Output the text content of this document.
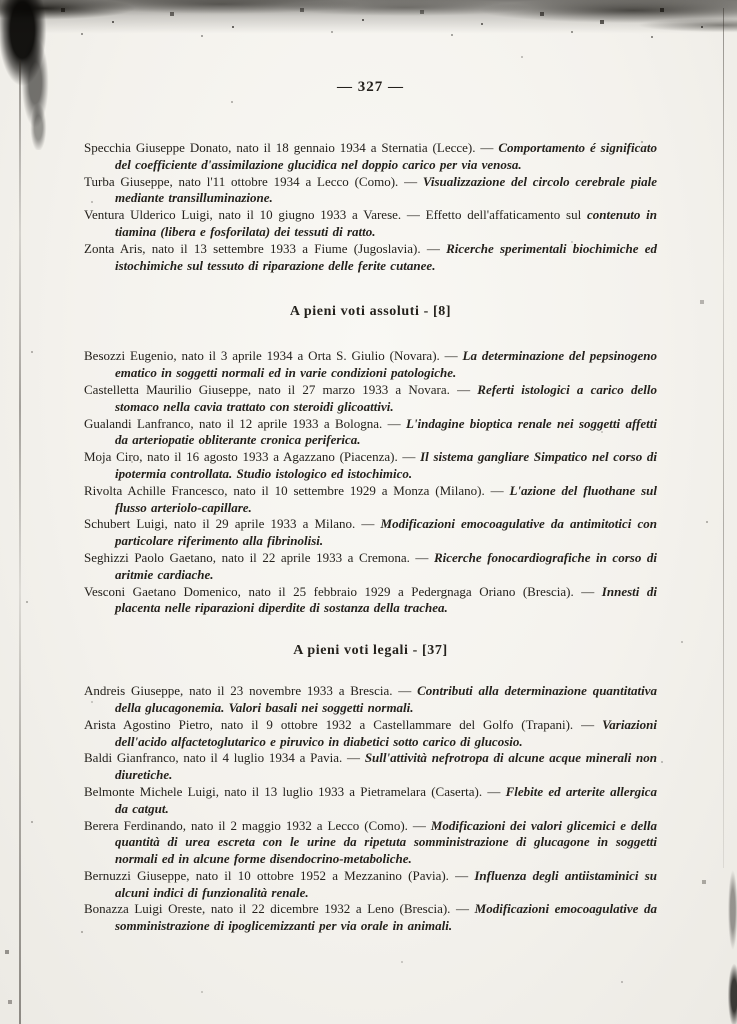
— 327 —

Specchia Giuseppe Donato, nato il 18 gennaio 1934 a Sternatia (Lecce). — Comportamento é significato del coefficiente d'assimilazione glucidica nel doppio carico per via venosa.

Turba Giuseppe, nato l'11 ottobre 1934 a Lecco (Como). — Visualizzazione del circolo cerebrale piale mediante transilluminazione.

Ventura Ulderico Luigi, nato il 10 giugno 1933 a Varese. — Effetto dell'affaticamento sul contenuto in tiamina (libera e fosforilata) dei tessuti di ratto.

Zonta Aris, nato il 13 settembre 1933 a Fiume (Jugoslavia). — Ricerche sperimentali biochimiche ed istochimiche sul tessuto di riparazione delle ferite cutanee.

A pieni voti assoluti - [8]

Besozzi Eugenio, nato il 3 aprile 1934 a Orta S. Giulio (Novara). — La determinazione del pepsinogeno ematico in soggetti normali ed in varie condizioni patologiche.

Castelletta Maurilio Giuseppe, nato il 27 marzo 1933 a Novara. — Referti istologici a carico dello stomaco nella cavia trattato con steroidi glicoattivi.

Gualandi Lanfranco, nato il 12 aprile 1933 a Bologna. — L'indagine bioptica renale nei soggetti affetti da arteriopatie obliterante cronica periferica.

Moja Ciro, nato il 16 agosto 1933 a Agazzano (Piacenza). — Il sistema gangliare Simpatico nel corso di ipotermia controllata. Studio istologico ed istochimico.

Rivolta Achille Francesco, nato il 10 settembre 1929 a Monza (Milano). — L'azione del fluothane sul flusso arteriolo-capillare.

Schubert Luigi, nato il 29 aprile 1933 a Milano. — Modificazioni emocoagulative da antimitotici con particolare riferimento alla fibrinolisi.

Seghizzi Paolo Gaetano, nato il 22 aprile 1933 a Cremona. — Ricerche fonocardiografiche in corso di aritmie cardiache.

Vesconi Gaetano Domenico, nato il 25 febbraio 1929 a Pedergnaga Oriano (Brescia). — Innesti di placenta nelle riparazioni diperdite di sostanza della trachea.

A pieni voti legali - [37]

Andreis Giuseppe, nato il 23 novembre 1933 a Brescia. — Contributi alla determinazione quantitativa della glucagonemia. Valori basali nei soggetti normali.

Arista Agostino Pietro, nato il 9 ottobre 1932 a Castellammare del Golfo (Trapani). — Variazioni dell'acido alfactetoglutarico e piruvico in diabetici sotto carico di glucosio.

Baldi Gianfranco, nato il 4 luglio 1934 a Pavia. — Sull'attività nefrotropa di alcune acque minerali non diuretiche.

Belmonte Michele Luigi, nato il 13 luglio 1933 a Pietramelara (Caserta). — Flebite ed arterite allergica da catgut.

Berera Ferdinando, nato il 2 maggio 1932 a Lecco (Como). — Modificazioni dei valori glicemici e della quantità di urea escreta con le urine da ripetuta somministrazione di glucagone in soggetti normali ed in alcune forme disendocrino-metaboliche.

Bernuzzi Giuseppe, nato il 10 ottobre 1952 a Mezzanino (Pavia). — Influenza degli antiistaminici su alcuni indici di funzionalità renale.

Bonazza Luigi Oreste, nato il 22 dicembre 1932 a Leno (Brescia). — Modificazioni emocoagulative da somministrazione di ipoglicemizzanti per via orale in animali.
